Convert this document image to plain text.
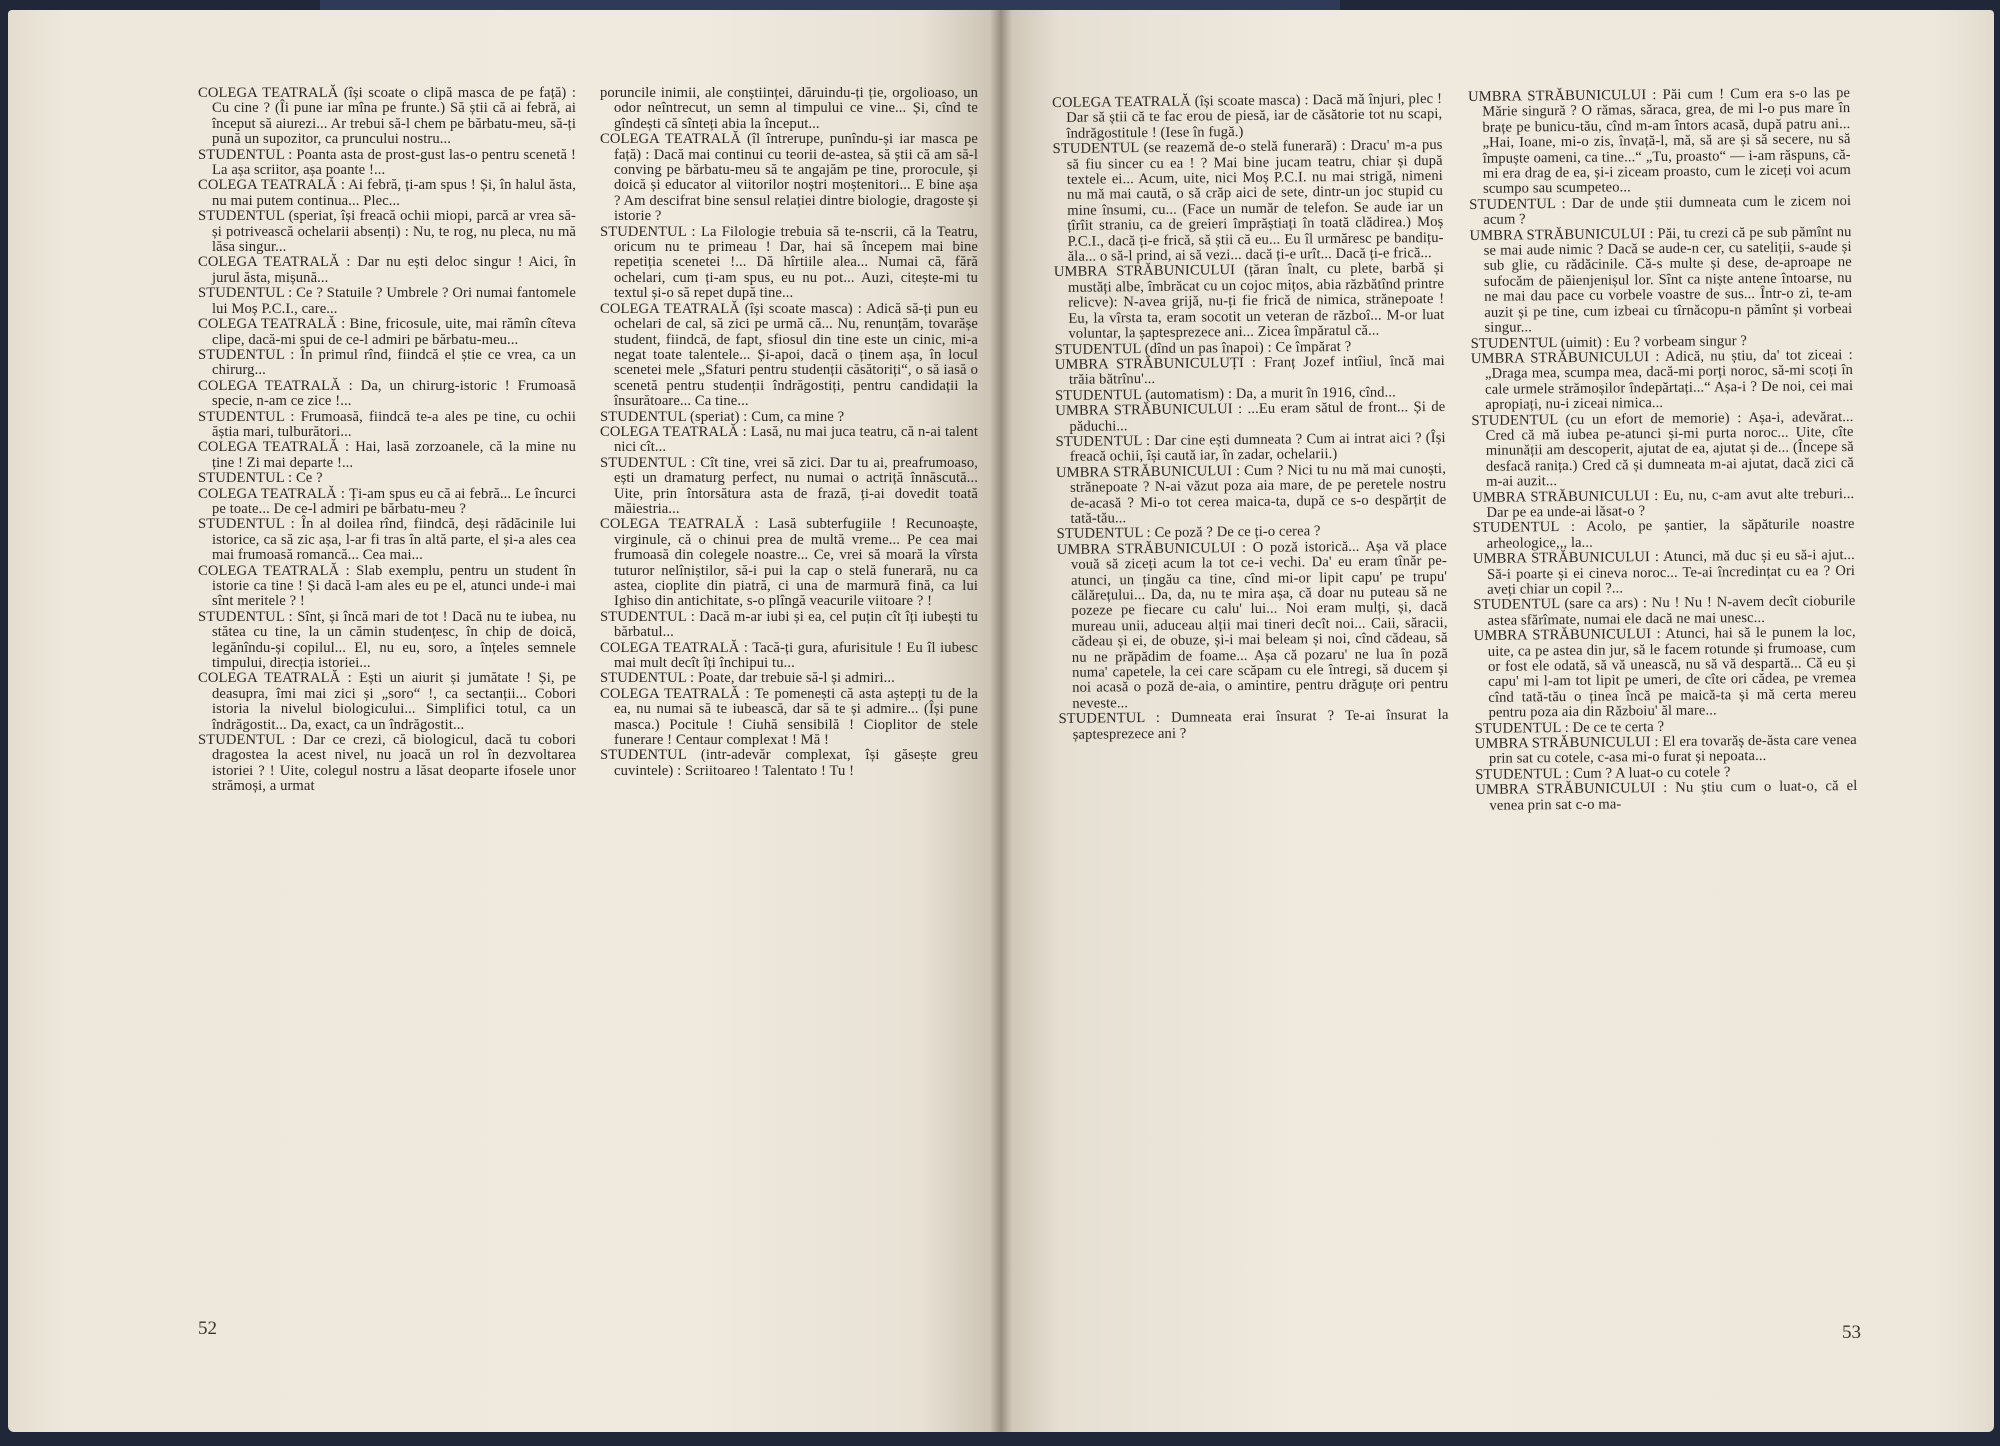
COLEGA TEATRALĂ (își scoate o clipă masca de pe față) : Cu cine ? (Îi pune iar mîna pe frunte.) Să știi că ai febră, ai început să aiurezi... Ar trebui să-l chem pe bărbatu-meu, să-ți pună un supozitor, ca pruncului nostru...

STUDENTUL : Poanta asta de prost-gust las-o pentru scenetă ! La așa scriitor, așa poante !...

COLEGA TEATRALĂ : Ai febră, ți-am spus ! Și, în halul ăsta, nu mai putem continua... Plec...

STUDENTUL (speriat, își freacă ochii miopi, parcă ar vrea să-și potrivească ochelarii absenți) : Nu, te rog, nu pleca, nu mă lăsa singur...

COLEGA TEATRALĂ : Dar nu ești deloc singur ! Aici, în jurul ăsta, mișună...

STUDENTUL : Ce ? Statuile ? Umbrele ? Ori numai fantomele lui Moș P.C.I., care...

COLEGA TEATRALĂ : Bine, fricosule, uite, mai rămîn cîteva clipe, dacă-mi spui de ce-l admiri pe bărbatu-meu...

STUDENTUL : În primul rînd, fiindcă el știe ce vrea, ca un chirurg...

COLEGA TEATRALĂ : Da, un chirurg-istoric ! Frumoasă specie, n-am ce zice !...

STUDENTUL : Frumoasă, fiindcă te-a ales pe tine, cu ochii ăștia mari, tulburători...

COLEGA TEATRALĂ : Hai, lasă zorzoanele, că la mine nu ține ! Zi mai departe !...

STUDENTUL : Ce ?

COLEGA TEATRALĂ : Ți-am spus eu că ai febră... Le încurci pe toate... De ce-l admiri pe bărbatu-meu ?

STUDENTUL : În al doilea rînd, fiindcă, deși rădăcinile lui istorice, ca să zic așa, l-ar fi tras în altă parte, el și-a ales cea mai frumoasă romancă... Cea mai...

COLEGA TEATRALĂ : Slab exemplu, pentru un student în istorie ca tine ! Și dacă l-am ales eu pe el, atunci unde-i mai sînt meritele ? !

STUDENTUL : Sînt, și încă mari de tot ! Dacă nu te iubea, nu stătea cu tine, la un cămin studențesc, în chip de doică, legănîndu-și copilul... El, nu eu, soro, a înțeles semnele timpului, direcția istoriei...

COLEGA TEATRALĂ : Ești un aiurit și jumătate ! Și, pe deasupra, îmi mai zici și „soro“ !, ca sectanții... Cobori istoria la nivelul biologicului... Simplifici totul, ca un îndrăgostit... Da, exact, ca un îndrăgostit...

STUDENTUL : Dar ce crezi, că biologicul, dacă tu cobori dragostea la acest nivel, nu joacă un rol în dezvoltarea istoriei ? ! Uite, colegul nostru a lăsat deoparte ifosele unor strămoși, a urmat

poruncile inimii, ale conștiinței, dăruindu-ți ție, orgolioaso, un odor neîntrecut, un semn al timpului ce vine... Și, cînd te gîndești că sînteți abia la început...

COLEGA TEATRALĂ (îl întrerupe, punîndu-și iar masca pe față) : Dacă mai continui cu teorii de-astea, să știi că am să-l conving pe bărbatu-meu să te angajăm pe tine, prorocule, și doică și educator al viitorilor noștri moștenitori... E bine așa ? Am descifrat bine sensul relației dintre biologie, dragoste și istorie ?

STUDENTUL : La Filologie trebuia să te-nscrii, că la Teatru, oricum nu te primeau ! Dar, hai să începem mai bine repetiția scenetei !... Dă hîrtiile alea... Numai că, fără ochelari, cum ți-am spus, eu nu pot... Auzi, citește-mi tu textul și-o să repet după tine...

COLEGA TEATRALĂ (își scoate masca) : Adică să-ți pun eu ochelari de cal, să zici pe urmă că... Nu, renunțăm, tovarășe student, fiindcă, de fapt, sfiosul din tine este un cinic, mi-a negat toate talentele... Și-apoi, dacă o ținem așa, în locul scenetei mele „Sfaturi pentru studenții căsătoriți“, o să iasă o scenetă pentru studenții îndrăgostiți, pentru candidații la însurătoare... Ca tine...

STUDENTUL (speriat) : Cum, ca mine ?

COLEGA TEATRALĂ : Lasă, nu mai juca teatru, că n-ai talent nici cît...

STUDENTUL : Cît tine, vrei să zici. Dar tu ai, preafrumoaso, ești un dramaturg perfect, nu numai o actriță înnăscută... Uite, prin întorsătura asta de frază, ți-ai dovedit toată măiestria...

COLEGA TEATRALĂ : Lasă subterfugiile ! Recunoaște, virginule, că o chinui prea de multă vreme... Pe cea mai frumoasă din colegele noastre... Ce, vrei să moară la vîrsta tuturor nelîniștilor, să-i pui la cap o stelă funerară, nu ca astea, cioplite din piatră, ci una de marmură fină, ca lui Ighiso din antichitate, s-o plîngă veacurile viitoare ? !

STUDENTUL : Dacă m-ar iubi și ea, cel puțin cît îți iubești tu bărbatul...

COLEGA TEATRALĂ : Tacă-ți gura, afurisitule ! Eu îl iubesc mai mult decît îți închipui tu...

STUDENTUL : Poate, dar trebuie să-l și admiri...

COLEGA TEATRALĂ : Te pomenești că asta aștepți tu de la ea, nu numai să te iubească, dar să te și admire... (Își pune masca.) Pocitule ! Ciuhă sensibilă ! Cioplitor de stele funerare ! Centaur complexat ! Mă !

STUDENTUL (intr-adevăr complexat, își găsește greu cuvintele) : Scriitoareo ! Talentato ! Tu !

52

COLEGA TEATRALĂ (își scoate masca) : Dacă mă înjuri, plec ! Dar să știi că te fac erou de piesă, iar de căsătorie tot nu scapi, îndrăgostitule ! (Iese în fugă.)

STUDENTUL (se reazemă de-o stelă funerară) : Dracu' m-a pus să fiu sincer cu ea ! ? Mai bine jucam teatru, chiar și după textele ei... Acum, uite, nici Moș P.C.I. nu mai strigă, nimeni nu mă mai caută, o să crăp aici de sete, dintr-un joc stupid cu mine însumi, cu... (Face un număr de telefon. Se aude iar un țîrîit straniu, ca de greieri împrăștiați în toată clădirea.) Moș P.C.I., dacă ți-e frică, să știi că eu... Eu îl urmăresc pe bandițu-ăla... o să-l prind, ai să vezi... dacă ți-e urît... Dacă ți-e frică...

UMBRA STRĂBUNICULUI (țăran înalt, cu plete, barbă și mustăți albe, îmbrăcat cu un cojoc mițos, abia răzbătînd printre relicve): N-avea grijă, nu-ți fie frică de nimica, strănepoate ! Eu, la vîrsta ta, eram socotit un veteran de războî... M-or luat voluntar, la șaptesprezece ani... Zicea împăratul că...

STUDENTUL (dînd un pas înapoi) : Ce împărat ?

UMBRA STRĂBUNICULUȚI : Franț Jozef intîiul, încă mai trăia bătrînu'...

STUDENTUL (automatism) : Da, a murit în 1916, cînd...

UMBRA STRĂBUNICULUI : ...Eu eram sătul de front... Și de păduchi...

STUDENTUL : Dar cine ești dumneata ? Cum ai intrat aici ? (Își freacă ochii, își caută iar, în zadar, ochelarii.)

UMBRA STRĂBUNICULUI : Cum ? Nici tu nu mă mai cunoști, strănepoate ? N-ai văzut poza aia mare, de pe peretele nostru de-acasă ? Mi-o tot cerea maica-ta, după ce s-o despărțit de tată-tău...

STUDENTUL : Ce poză ? De ce ți-o cerea ?

UMBRA STRĂBUNICULUI : O poză istorică... Așa vă place vouă să ziceți acum la tot ce-i vechi. Da' eu eram tînăr pe-atunci, un țingău ca tine, cînd mi-or lipit capu' pe trupu' călărețului... Da, da, nu te mira așa, că doar nu puteau să ne pozeze pe fiecare cu calu' lui... Noi eram mulți, și, dacă mureau unii, aduceau alții mai tineri decît noi... Caii, săracii, cădeau și ei, de obuze, și-i mai beleam și noi, cînd cădeau, să nu ne prăpădim de foame... Așa că pozaru' ne lua în poză numa' capetele, la cei care scăpam cu ele întregi, să ducem și noi acasă o poză de-aia, o amintire, pentru drăguțe ori pentru neveste...

STUDENTUL : Dumneata erai însurat ? Te-ai însurat la șaptesprezece ani ?

UMBRA STRĂBUNICULUI : Păi cum ! Cum era s-o las pe Mărie singură ? O rămas, săraca, grea, de mi l-o pus mare în brațe pe bunicu-tău, cînd m-am întors acasă, după patru ani... „Hai, Ioane, mi-o zis, învață-l, mă, să are și să secere, nu să împuște oameni, ca tine...“ „Tu, proasto“ — i-am răspuns, că-mi era drag de ea, și-i ziceam proasto, cum le ziceți voi acum scumpo sau scumpeteo...

STUDENTUL : Dar de unde știi dumneata cum le zicem noi acum ?

UMBRA STRĂBUNICULUI : Păi, tu crezi că pe sub pămînt nu se mai aude nimic ? Dacă se aude-n cer, cu sateliții, s-aude și sub glie, cu rădăcinile. Că-s multe și dese, de-aproape ne sufocăm de păienjenișul lor. Sînt ca niște antene întoarse, nu ne mai dau pace cu vorbele voastre de sus... Într-o zi, te-am auzit și pe tine, cum izbeai cu tîrnăcopu-n pămînt și vorbeai singur...

STUDENTUL (uimit) : Eu ? vorbeam singur ?

UMBRA STRĂBUNICULUI : Adică, nu știu, da' tot ziceai : „Draga mea, scumpa mea, dacă-mi porți noroc, să-mi scoți în cale urmele strămoșilor îndepărtați...“ Așa-i ? De noi, cei mai apropiați, nu-i ziceai nimica...

STUDENTUL (cu un efort de memorie) : Așa-i, adevărat... Cred că mă iubea pe-atunci și-mi purta noroc... Uite, cîte minunății am descoperit, ajutat de ea, ajutat și de... (Începe să desfacă ranița.) Cred că și dumneata m-ai ajutat, dacă zici că m-ai auzit...

UMBRA STRĂBUNICULUI : Eu, nu, c-am avut alte treburi... Dar pe ea unde-ai lăsat-o ?

STUDENTUL : Acolo, pe șantier, la săpăturile noastre arheologice,,, la...

UMBRA STRĂBUNICULUI : Atunci, mă duc și eu să-i ajut... Să-i poarte și ei cineva noroc... Te-ai încredințat cu ea ? Ori aveți chiar un copil ?...

STUDENTUL (sare ca ars) : Nu ! Nu ! N-avem decît cioburile astea sfărîmate, numai ele dacă ne mai unesc...

UMBRA STRĂBUNICULUI : Atunci, hai să le punem la loc, uite, ca pe astea din jur, să le facem rotunde și frumoase, cum or fost ele odată, să vă unească, nu să vă despartă... Că eu și capu' mi l-am tot lipit pe umeri, de cîte ori cădea, pe vremea cînd tată-tău o ținea încă pe maică-ta și mă certa mereu pentru poza aia din Războiu' ăl mare...

STUDENTUL : De ce te certa ?

UMBRA STRĂBUNICULUI : El era tovarăș de-ăsta care venea prin sat cu cotele, c-asa mi-o furat și nepoata...

STUDENTUL : Cum ? A luat-o cu cotele ?

UMBRA STRĂBUNICULUI : Nu știu cum o luat-o, că el venea prin sat c-o ma-

53
